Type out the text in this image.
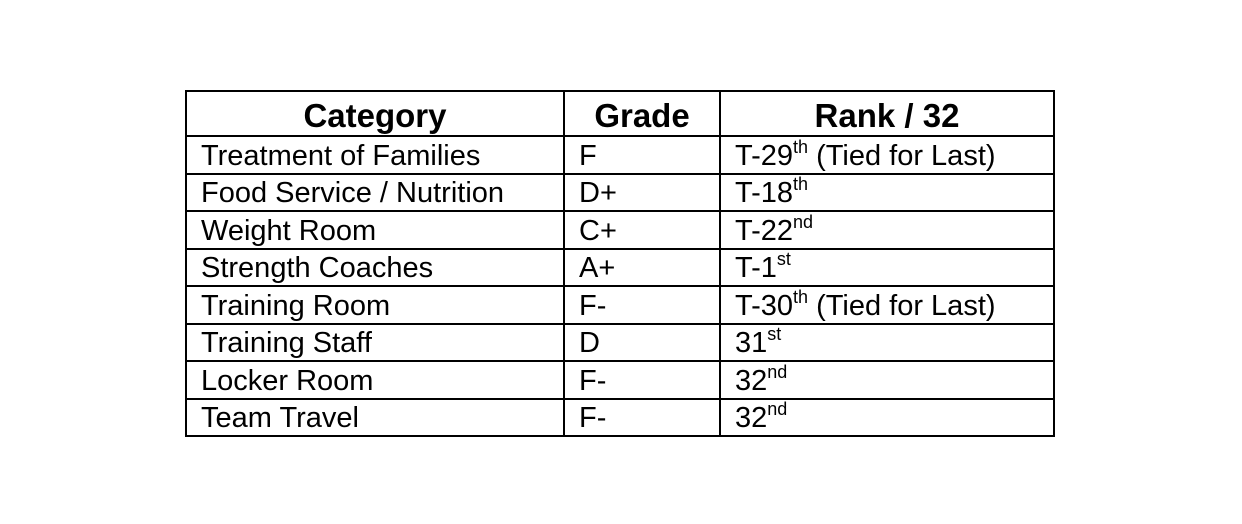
Category	Grade	Rank / 32
Treatment of Families	F	T-29th (Tied for Last)
Food Service / Nutrition	D+	T-18th
Weight Room	C+	T-22nd
Strength Coaches	A+	T-1st
Training Room	F-	T-30th (Tied for Last)
Training Staff	D	31st
Locker Room	F-	32nd
Team Travel	F-	32nd
